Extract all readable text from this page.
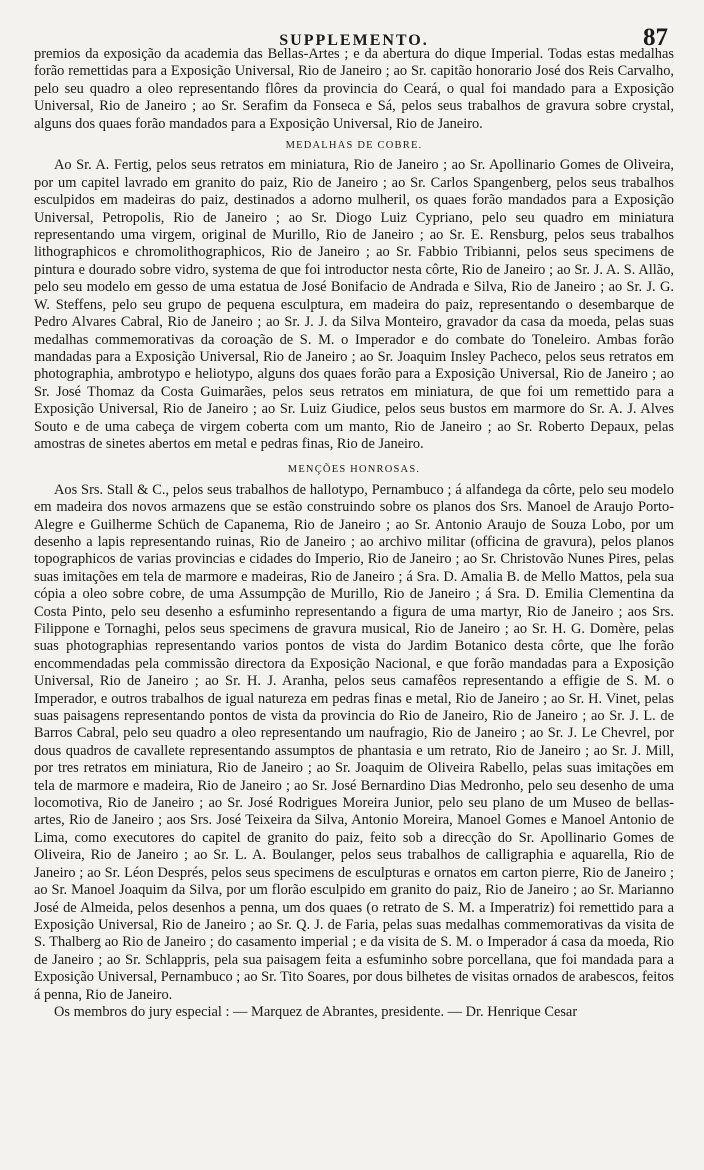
SUPPLEMENTO.	87

premios da exposição da academia das Bellas-Artes ; e da abertura do dique Imperial. Todas estas medalhas forão remettidas para a Exposição Universal, Rio de Janeiro ; ao Sr. capitão honorario José dos Reis Carvalho, pelo seu quadro a oleo representando flôres da provincia do Ceará, o qual foi mandado para a Exposição Universal, Rio de Janeiro ; ao Sr. Serafim da Fonseca e Sá, pelos seus trabalhos de gravura sobre crystal, alguns dos quaes forão mandados para a Exposição Universal, Rio de Janeiro.

MEDALHAS DE COBRE.

Ao Sr. A. Fertig, pelos seus retratos em miniatura, Rio de Janeiro ; ao Sr. Apollinario Gomes de Oliveira, por um capitel lavrado em granito do paiz, Rio de Janeiro ; ao Sr. Carlos Spangenberg, pelos seus trabalhos esculpidos em madeiras do paiz, destinados a adorno mulheril, os quaes forão mandados para a Exposição Universal, Petropolis, Rio de Janeiro ; ao Sr. Diogo Luiz Cypriano, pelo seu quadro em miniatura representando uma virgem, original de Murillo, Rio de Janeiro ; ao Sr. E. Rensburg, pelos seus trabalhos lithographicos e chromolithographicos, Rio de Janeiro ; ao Sr. Fabbio Tribianni, pelos seus specimens de pintura e dourado sobre vidro, systema de que foi introductor nesta côrte, Rio de Janeiro ; ao Sr. J. A. S. Allão, pelo seu modelo em gesso de uma estatua de José Bonifacio de Andrada e Silva, Rio de Janeiro ; ao Sr. J. G. W. Steffens, pelo seu grupo de pequena esculptura, em madeira do paiz, representando o desembarque de Pedro Alvares Cabral, Rio de Janeiro ; ao Sr. J. J. da Silva Monteiro, gravador da casa da moeda, pelas suas medalhas commemorativas da coroação de S. M. o Imperador e do combate do Toneleiro. Ambas forão mandadas para a Exposição Universal, Rio de Janeiro ; ao Sr. Joaquim Insley Pacheco, pelos seus retratos em photographia, ambrotypo e heliotypo, alguns dos quaes forão para a Exposição Universal, Rio de Janeiro ; ao Sr. José Thomaz da Costa Guimarães, pelos seus retratos em miniatura, de que foi um remettido para a Exposição Universal, Rio de Janeiro ; ao Sr. Luiz Giudice, pelos seus bustos em marmore do Sr. A. J. Alves Souto e de uma cabeça de virgem coberta com um manto, Rio de Janeiro ; ao Sr. Roberto Depaux, pelas amostras de sinetes abertos em metal e pedras finas, Rio de Janeiro.

MENÇÕES HONROSAS.

Aos Srs. Stall & C., pelos seus trabalhos de hallotypo, Pernambuco ; á alfandega da côrte, pelo seu modelo em madeira dos novos armazens que se estão construindo sobre os planos dos Srs. Manoel de Araujo Porto-Alegre e Guilherme Schüch de Capanema, Rio de Janeiro ; ao Sr. Antonio Araujo de Souza Lobo, por um desenho a lapis representando ruinas, Rio de Janeiro ; ao archivo militar (officina de gravura), pelos planos topographicos de varias provincias e cidades do Imperio, Rio de Janeiro ; ao Sr. Christovão Nunes Pires, pelas suas imitações em tela de marmore e madeiras, Rio de Janeiro ; á Sra. D. Amalia B. de Mello Mattos, pela sua cópia a oleo sobre cobre, de uma Assumpção de Murillo, Rio de Janeiro ; á Sra. D. Emilia Clementina da Costa Pinto, pelo seu desenho a esfuminho representando a figura de uma martyr, Rio de Janeiro ; aos Srs. Filippone e Tornaghi, pelos seus specimens de gravura musical, Rio de Janeiro ; ao Sr. H. G. Domère, pelas suas photographias representando varios pontos de vista do Jardim Botanico desta côrte, que lhe forão encommendadas pela commissão directora da Exposição Nacional, e que forão mandadas para a Exposição Universal, Rio de Janeiro ; ao Sr. H. J. Aranha, pelos seus camafêos representando a effigie de S. M. o Imperador, e outros trabalhos de igual natureza em pedras finas e metal, Rio de Janeiro ; ao Sr. H. Vinet, pelas suas paisagens representando pontos de vista da provincia do Rio de Janeiro, Rio de Janeiro ; ao Sr. J. L. de Barros Cabral, pelo seu quadro a oleo representando um naufragio, Rio de Janeiro ; ao Sr. J. Le Chevrel, por dous quadros de cavallete representando assumptos de phantasia e um retrato, Rio de Janeiro ; ao Sr. J. Mill, por tres retratos em miniatura, Rio de Janeiro ; ao Sr. Joaquim de Oliveira Rabello, pelas suas imitações em tela de marmore e madeira, Rio de Janeiro ; ao Sr. José Bernardino Dias Medronho, pelo seu desenho de uma locomotiva, Rio de Janeiro ; ao Sr. José Rodrigues Moreira Junior, pelo seu plano de um Museo de bellas-artes, Rio de Janeiro ; aos Srs. José Teixeira da Silva, Antonio Moreira, Manoel Gomes e Manoel Antonio de Lima, como executores do capitel de granito do paiz, feito sob a direcção do Sr. Apollinario Gomes de Oliveira, Rio de Janeiro ; ao Sr. L. A. Boulanger, pelos seus trabalhos de calligraphia e aquarella, Rio de Janeiro ; ao Sr. Léon Després, pelos seus specimens de esculpturas e ornatos em carton pierre, Rio de Janeiro ; ao Sr. Manoel Joaquim da Silva, por um florão esculpido em granito do paiz, Rio de Janeiro ; ao Sr. Marianno José de Almeida, pelos desenhos a penna, um dos quaes (o retrato de S. M. a Imperatriz) foi remettido para a Exposição Universal, Rio de Janeiro ; ao Sr. Q. J. de Faria, pelas suas medalhas commemorativas da visita de S. Thalberg ao Rio de Janeiro ; do casamento imperial ; e da visita de S. M. o Imperador á casa da moeda, Rio de Janeiro ; ao Sr. Schlappris, pela sua paisagem feita a esfuminho sobre porcellana, que foi mandada para a Exposição Universal, Pernambuco ; ao Sr. Tito Soares, por dous bilhetes de visitas ornados de arabescos, feitos á penna, Rio de Janeiro.

Os membros do jury especial : — Marquez de Abrantes, presidente. — Dr. Henrique Cesar
